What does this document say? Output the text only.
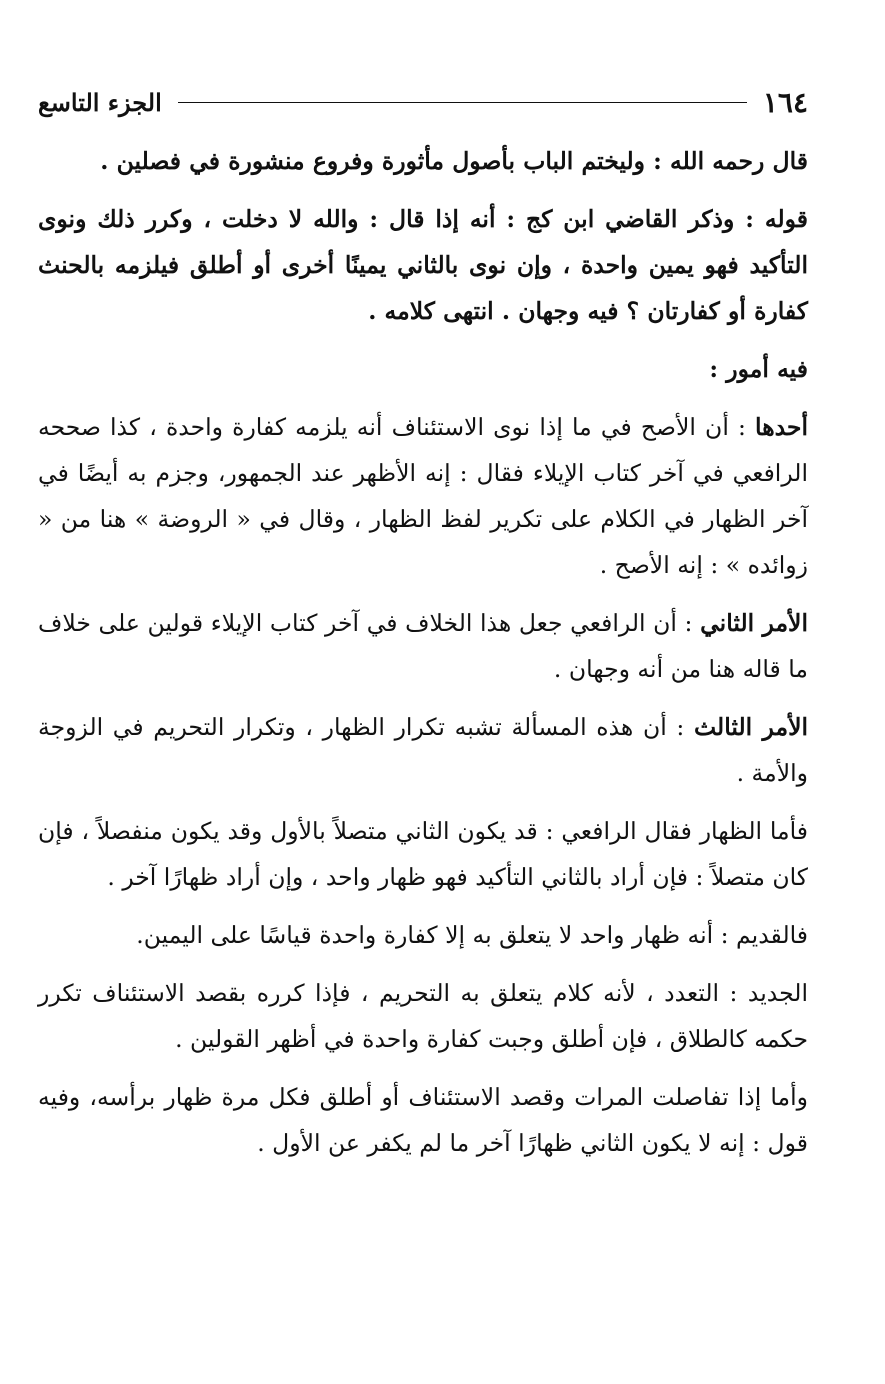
١٦٤
الجزء التاسع

قال رحمه الله : وليختم الباب بأصول مأثورة وفروع منشورة في فصلين .

قوله : وذكر القاضي ابن كج : أنه إذا قال : والله لا دخلت ، وكرر ذلك ونوى التأكيد فهو يمين واحدة ، وإن نوى بالثاني يمينًا أخرى أو أطلق فيلزمه بالحنث كفارة أو كفارتان ؟ فيه وجهان . انتهى كلامه .

فيه أمور :

أحدها : أن الأصح في ما إذا نوى الاستئناف أنه يلزمه كفارة واحدة ، كذا صححه الرافعي في آخر كتاب الإيلاء فقال : إنه الأظهر عند الجمهور، وجزم به أيضًا في آخر الظهار في الكلام على تكرير لفظ الظهار ، وقال في « الروضة » هنا من « زوائده » : إنه الأصح .

الأمر الثاني : أن الرافعي جعل هذا الخلاف في آخر كتاب الإيلاء قولين على خلاف ما قاله هنا من أنه وجهان .

الأمر الثالث : أن هذه المسألة تشبه تكرار الظهار ، وتكرار التحريم في الزوجة والأمة .

فأما الظهار فقال الرافعي : قد يكون الثاني متصلاً بالأول وقد يكون منفصلاً ، فإن كان متصلاً : فإن أراد بالثاني التأكيد فهو ظهار واحد ، وإن أراد ظهارًا آخر .

فالقديم : أنه ظهار واحد لا يتعلق به إلا كفارة واحدة قياسًا على اليمين.

الجديد : التعدد ، لأنه كلام يتعلق به التحريم ، فإذا كرره بقصد الاستئناف تكرر حكمه كالطلاق ، فإن أطلق وجبت كفارة واحدة في أظهر القولين .

وأما إذا تفاصلت المرات وقصد الاستئناف أو أطلق فكل مرة ظهار برأسه، وفيه قول : إنه لا يكون الثاني ظهارًا آخر ما لم يكفر عن الأول .
